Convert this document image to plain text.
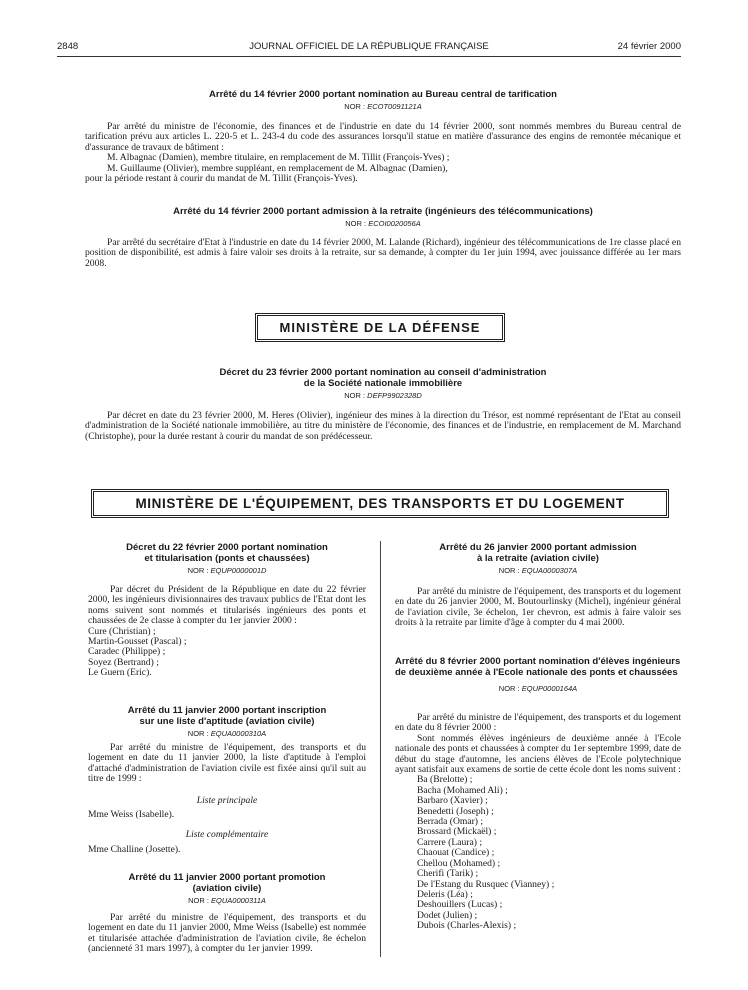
2848	JOURNAL OFFICIEL DE LA RÉPUBLIQUE FRANÇAISE	24 février 2000
Arrêté du 14 février 2000 portant nomination au Bureau central de tarification
NOR : ECOT0091121A

Par arrêté du ministre de l'économie, des finances et de l'industrie en date du 14 février 2000, sont nommés membres du Bureau central de tarification prévu aux articles L. 220-5 et L. 243-4 du code des assurances lorsqu'il statue en matière d'assurance des engins de remontée mécanique et d'assurance de travaux de bâtiment :

M. Albagnac (Damien), membre titulaire, en remplacement de M. Tillit (François-Yves) ;

M. Guillaume (Olivier), membre suppléant, en remplacement de M. Albagnac (Damien),

pour la période restant à courir du mandat de M. Tillit (François-Yves).

Arrêté du 14 février 2000 portant admission à la retraite (ingénieurs des télécommunications)
NOR : ECOI0020056A

Par arrêté du secrétaire d'Etat à l'industrie en date du 14 février 2000, M. Lalande (Richard), ingénieur des télécommunications de 1re classe placé en position de disponibilité, est admis à faire valoir ses droits à la retraite, sur sa demande, à compter du 1er juin 1994, avec jouissance différée au 1er mars 2008.

MINISTÈRE DE LA DÉFENSE
Décret du 23 février 2000 portant nomination au conseil d'administration
de la Société nationale immobilière
NOR : DEFP9902328D

Par décret en date du 23 février 2000, M. Heres (Olivier), ingénieur des mines à la direction du Trésor, est nommé représentant de l'Etat au conseil d'administration de la Société nationale immobilière, au titre du ministère de l'économie, des finances et de l'industrie, en remplacement de M. Marchand (Christophe), pour la durée restant à courir du mandat de son prédécesseur.

MINISTÈRE DE L'ÉQUIPEMENT, DES TRANSPORTS ET DU LOGEMENT
Décret du 22 février 2000 portant nomination
et titularisation (ponts et chaussées)
NOR : EQUP0000001D

Par décret du Président de la République en date du 22 février 2000, les ingénieurs divisionnaires des travaux publics de l'Etat dont les noms suivent sont nommés et titularisés ingénieurs des ponts et chaussées de 2e classe à compter du 1er janvier 2000 :

Cure (Christian) ;
Martin-Gousset (Pascal) ;
Caradec (Philippe) ;
Soyez (Bertrand) ;
Le Guern (Eric).
Arrêté du 11 janvier 2000 portant inscription
sur une liste d'aptitude (aviation civile)
NOR : EQUA0000310A

Par arrêté du ministre de l'équipement, des transports et du logement en date du 11 janvier 2000, la liste d'aptitude à l'emploi d'attaché d'administration de l'aviation civile est fixée ainsi qu'il suit au titre de 1999 :

Liste principale

Mme Weiss (Isabelle).

Liste complémentaire

Mme Challine (Josette).

Arrêté du 11 janvier 2000 portant promotion
(aviation civile)
NOR : EQUA0000311A

Par arrêté du ministre de l'équipement, des transports et du logement en date du 11 janvier 2000, Mme Weiss (Isabelle) est nommée et titularisée attachée d'administration de l'aviation civile, 8e échelon (ancienneté 31 mars 1997), à compter du 1er janvier 1999.

Arrêté du 26 janvier 2000 portant admission
à la retraite (aviation civile)
NOR : EQUA0000307A

Par arrêté du ministre de l'équipement, des transports et du logement en date du 26 janvier 2000, M. Boutourlinsky (Michel), ingénieur général de l'aviation civile, 3e échelon, 1er chevron, est admis à faire valoir ses droits à la retraite par limite d'âge à compter du 4 mai 2000.

Arrêté du 8 février 2000 portant nomination d'élèves ingénieurs de deuxième année à l'Ecole nationale des ponts et chaussées
NOR : EQUP0000164A

Par arrêté du ministre de l'équipement, des transports et du logement en date du 8 février 2000 :

Sont nommés élèves ingénieurs de deuxième année à l'Ecole nationale des ponts et chaussées à compter du 1er septembre 1999, date de début du stage d'automne, les anciens élèves de l'Ecole polytechnique ayant satisfait aux examens de sortie de cette école dont les noms suivent :

Ba (Brelotte) ;
Bacha (Mohamed Ali) ;
Barbaro (Xavier) ;
Benedetti (Joseph) ;
Berrada (Omar) ;
Brossard (Mickaël) ;
Carrere (Laura) ;
Chaouat (Candice) ;
Chellou (Mohamed) ;
Cherifi (Tarik) ;
De l'Estang du Rusquec (Vianney) ;
Deleris (Léa) ;
Deshouillers (Lucas) ;
Dodet (Julien) ;
Dubois (Charles-Alexis) ;
